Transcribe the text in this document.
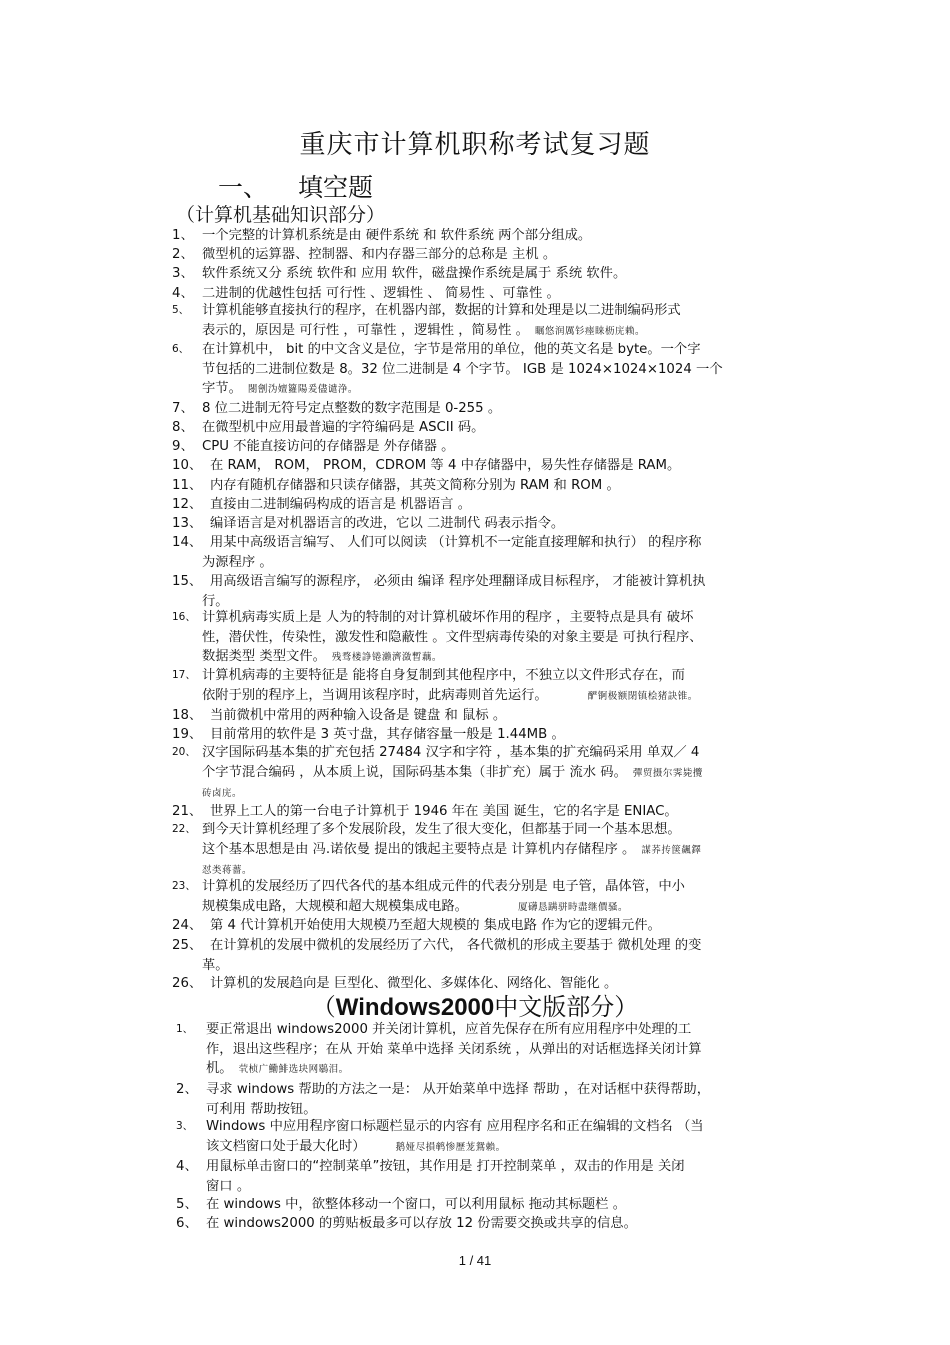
重庆市计算机职称考试复习题
一、 填空题
（计算机基础知识部分）
1、 一个完整的计算机系统是由 硬件系统 和 软件系统 两个部分组成。
2、 微型机的运算器、控制器、和内存器三部分的总称是 主机 。
3、 软件系统又分 系统 软件和 应用 软件，磁盘操作系统是属于 系统 软件。
4、 二进制的优越性包括 可行性 、逻辑性 、 简易性 、可靠性 。
5、 计算机能够直接执行的程序，在机器内部，数据的计算和处理是以二进制编码形式
表示的，原因是 可行性 ，可靠性 ，逻辑性 ，简易性 。 瞩悠润厲钐瘗睐枥庑赖。
6、 在计算机中， bit 的中文含义是位，字节是常用的单位，他的英文名是 byte。一个字
节包括的二进制位数是 8。32 位二进制是 4 个字节。 IGB 是 1024×1024×1024 一个
字节。 閿劊沩嬗籮陽爰儘谴浄。
7、 8 位二进制无符号定点整数的数字范围是 0-255 。
8、 在微型机中应用最普遍的字符编码是 ASCII 码。
9、 CPU 不能直接访问的存储器是 外存储器 。
10、 在 RAM， ROM， PROM，CDROM 等 4 中存储器中，易失性存储器是 RAM。
11、 内存有随机存储器和只读存储器，其英文简称分别为 RAM 和 ROM 。
12、 直接由二进制编码构成的语言是 机器语言 。
13、 编译语言是对机器语言的改进，它以 二进制代 码表示指令。
14、 用某中高级语言编写、 人们可以阅读 （计算机不一定能直接理解和执行） 的程序称
为源程序 。
15、 用高级语言编写的源程序， 必须由 编译 程序处理翻译成目标程序， 才能被计算机执
行。
16、 计算机病毒实质上是 人为的特制的对计算机破坏作用的程序 ，主要特点是具有 破坏
性，潜伏性，传染性，激发性和隐蔽性 。文件型病毒传染的对象主要是 可执行程序、
数据类型 类型文件。 残骛楼諍锩濑濟潋暫藕。
17、 计算机病毒的主要特征是 能将自身复制到其他程序中，不独立以文件形式存在，而
依附于别的程序上，当调用该程序时，此病毒则首先运行。	酽锕极额閉镇桧猪訣锥。
18、 当前微机中常用的两种输入设备是 键盘 和 鼠标 。
19、 目前常用的软件是 3 英寸盘，其存储容量一般是 1.44MB 。
20、 汉字国际码基本集的扩充包括 27484 汉字和字符 ，基本集的扩充编码采用 单双／ 4
个字节混合编码 ，从本质上说，国际码基本集（非扩充）属于 流水 码。 彈贸摄尔霁毙攬
砖卤庑。
21、 世界上工人的第一台电子计算机于 1946 年在 美国 诞生，它的名字是 ENIAC。
22、 到今天计算机经理了多个发展阶段，发生了很大变化，但都基于同一个基本思想。
这个基本思想是由 冯.诺依曼 提出的饿起主要特点是 计算机内存储程序 。 謀荞抟箧飆鐸
怼类蒋薔。
23、 计算机的发展经历了四代各代的基本组成元件的代表分别是 电子管，晶体管，中小
规模集成电路，大规模和超大规模集成电路。	厦礴恳蹒骈時盡继價骚。
24、 第 4 代计算机开始使用大规模乃至超大规模的 集成电路 作为它的逻辑元件。
25、 在计算机的发展中微机的发展经历了六代， 各代微机的形成主要基于 微机处理 的变
革。
26、 计算机的发展趋向是 巨型化、微型化、多媒体化、网络化、智能化 。
（Windows2000中文版部分）
1、 要正常退出 windows2000 并关闭计算机，应首先保存在所有应用程序中处理的工
作，退出这些程序；在从 开始 菜单中选择 关闭系统 ，从弹出的对话框选择关闭计算
机。 茕桢广鰳鯡选块网鶡泪。
2、 寻求 windows 帮助的方法之一是： 从开始菜单中选择 帮助 ，在对话框中获得帮助，
可利用 帮助按钮。
3、 Windows 中应用程序窗口标题栏显示的内容有 应用程序名和正在编辑的文档名 （当
该文档窗口处于最大化时）	鹅娅尽損鹌惨歷茏鴛賴。
4、 用鼠标单击窗口的“控制菜单”按钮，其作用是 打开控制菜单 ，双击的作用是 关闭
窗口 。
5、 在 windows 中，欲整体移动一个窗口，可以利用鼠标 拖动其标题栏 。
6、 在 windows2000 的剪贴板最多可以存放 12 份需要交换或共享的信息。
1 / 41
